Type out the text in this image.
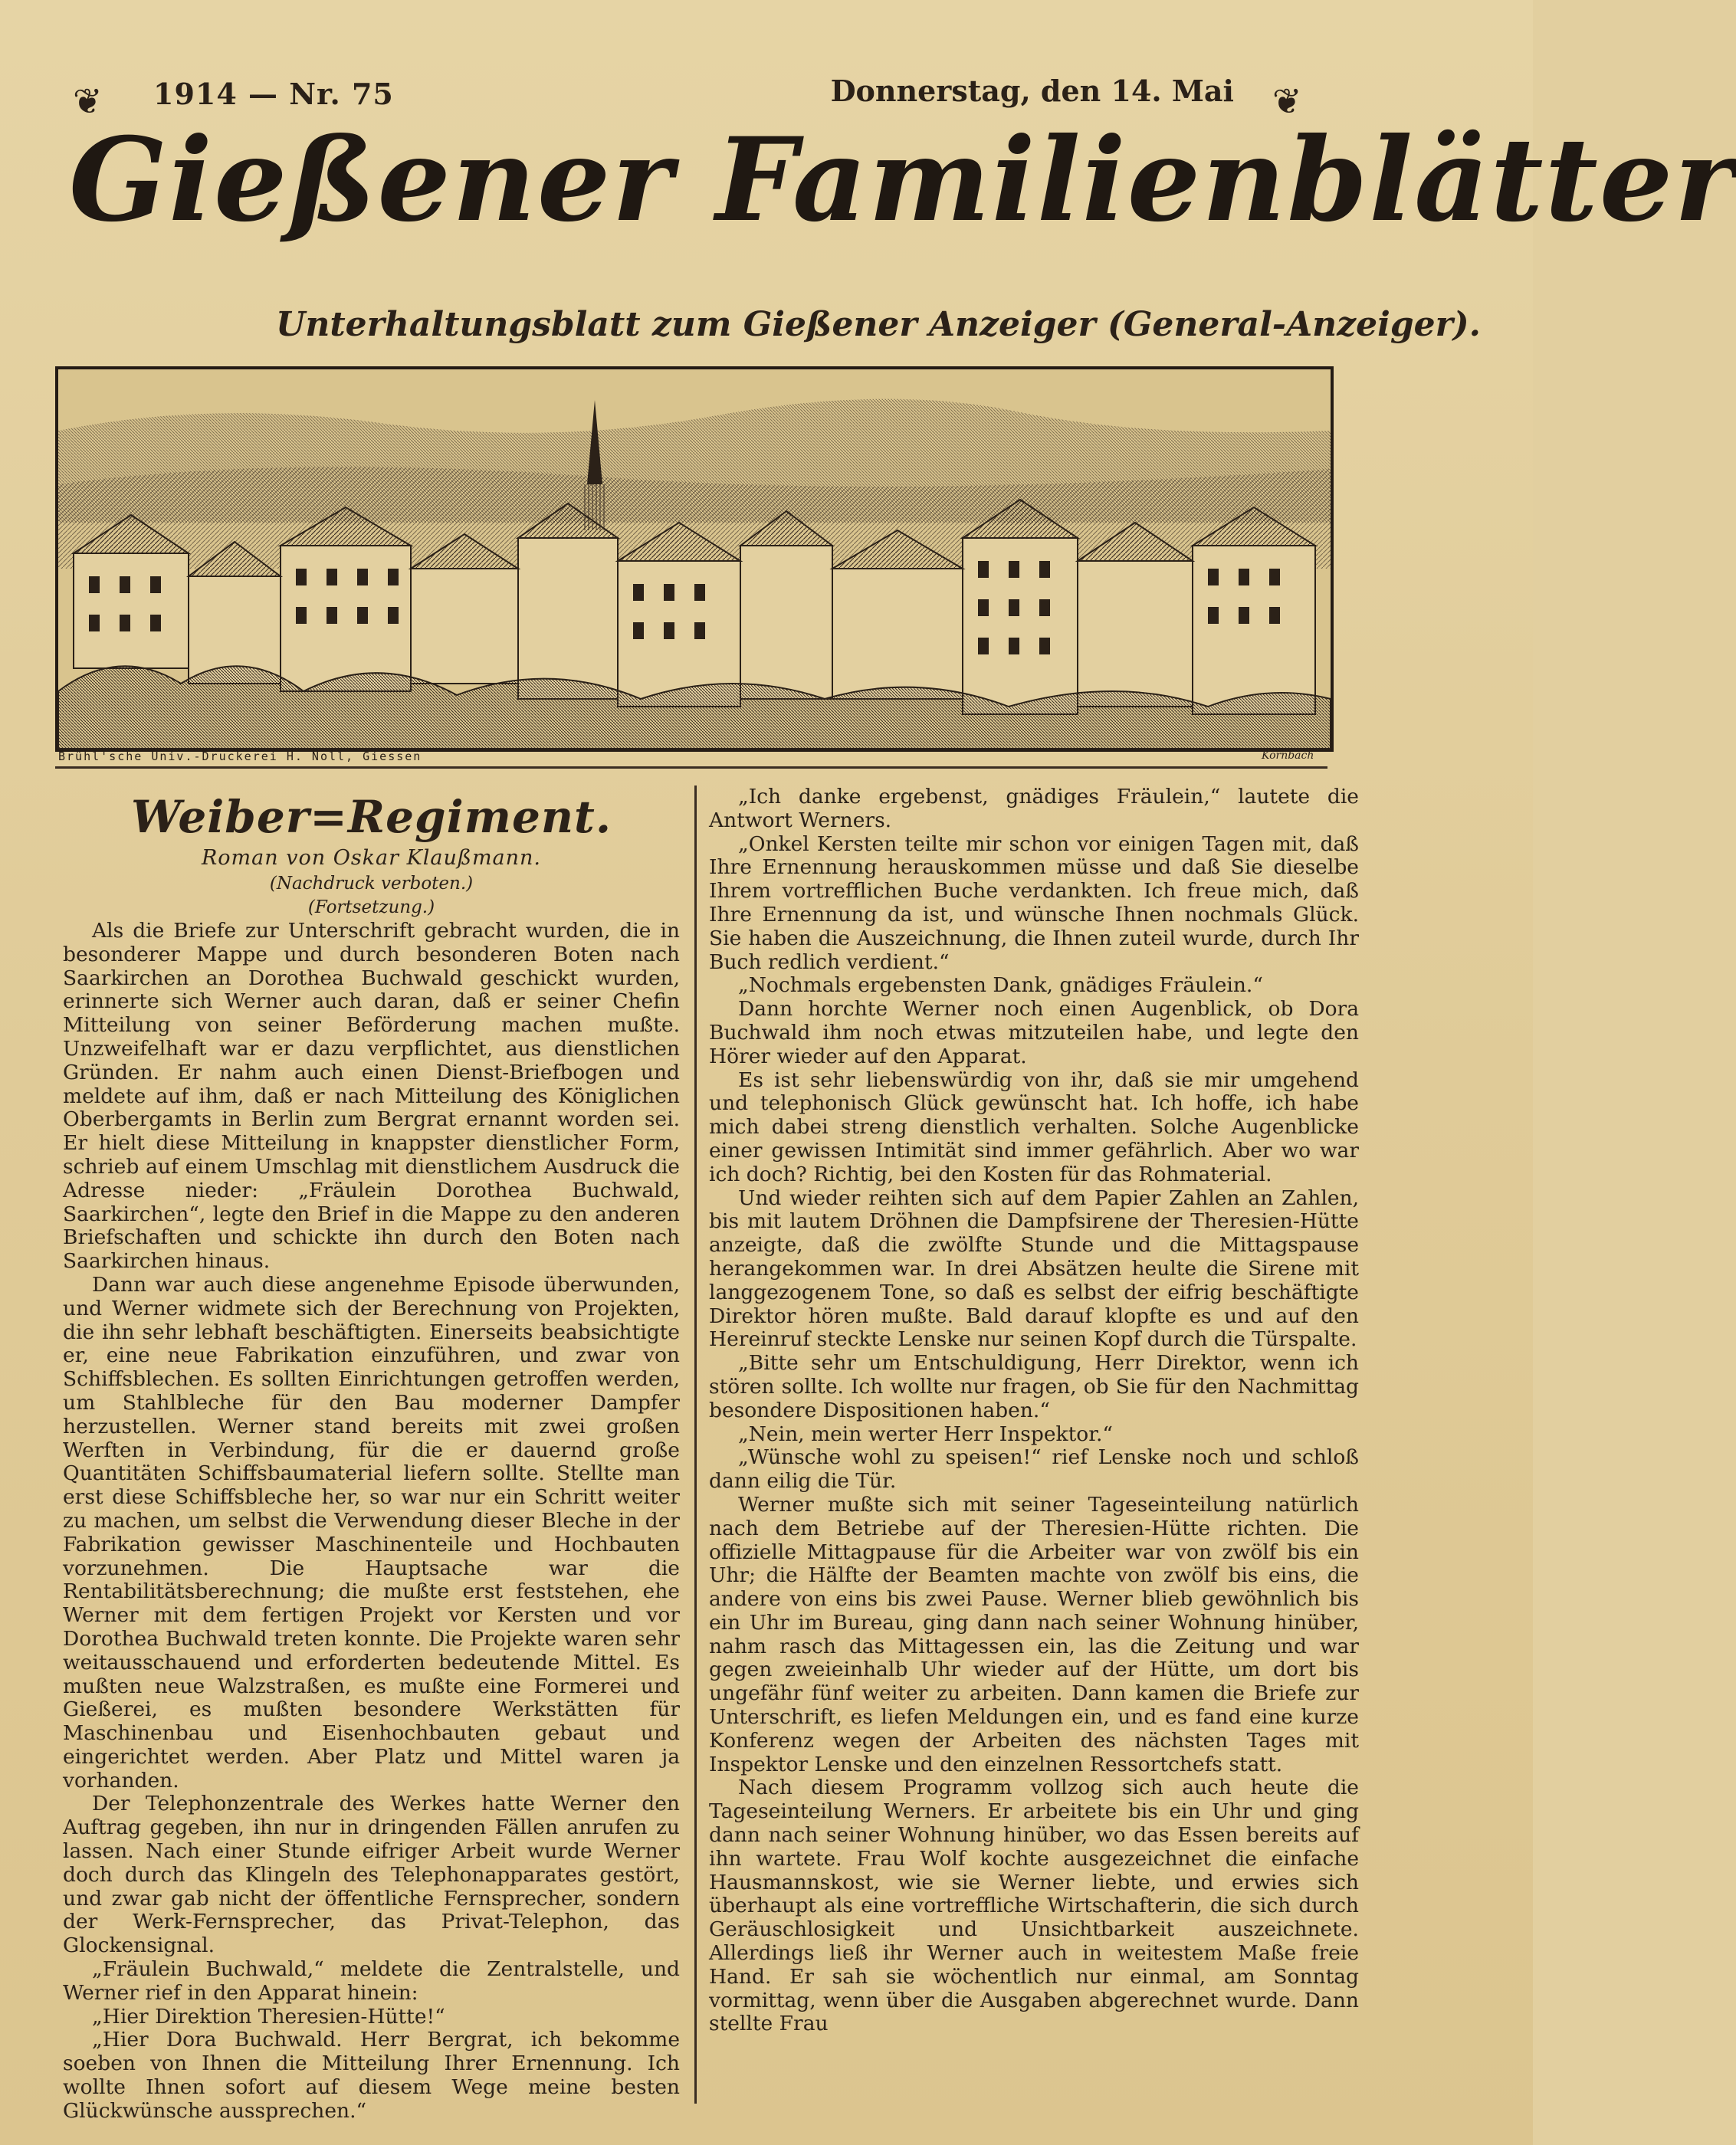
❦	❦
1914 — Nr. 75	Donnerstag, den 14. Mai
Gießener Familienblätter
Unterhaltungsblatt zum Gießener Anzeiger (General-Anzeiger).
Brühl'sche Univ.-Druckerei H. Noll, Giessen	Kornbach
Weiber=Regiment.

Roman von Oskar Klaußmann.

(Nachdruck verboten.)

(Fortsetzung.)

Als die Briefe zur Unterschrift gebracht wurden, die in besonderer Mappe und durch besonderen Boten nach Saarkirchen an Dorothea Buchwald geschickt wurden, erinnerte sich Werner auch daran, daß er seiner Chefin Mitteilung von seiner Beförderung machen mußte. Unzweifelhaft war er dazu verpflichtet, aus dienstlichen Gründen. Er nahm auch einen Dienst-Briefbogen und meldete auf ihm, daß er nach Mitteilung des Königlichen Oberbergamts in Berlin zum Bergrat ernannt worden sei. Er hielt diese Mitteilung in knappster dienstlicher Form, schrieb auf einem Umschlag mit dienstlichem Ausdruck die Adresse nieder: „Fräulein Dorothea Buchwald, Saarkirchen“, legte den Brief in die Mappe zu den anderen Briefschaften und schickte ihn durch den Boten nach Saarkirchen hinaus.

Dann war auch diese angenehme Episode überwunden, und Werner widmete sich der Berechnung von Projekten, die ihn sehr lebhaft beschäftigten. Einerseits beabsichtigte er, eine neue Fabrikation einzuführen, und zwar von Schiffsblechen. Es sollten Einrichtungen getroffen werden, um Stahlbleche für den Bau moderner Dampfer herzustellen. Werner stand bereits mit zwei großen Werften in Verbindung, für die er dauernd große Quantitäten Schiffsbaumaterial liefern sollte. Stellte man erst diese Schiffsbleche her, so war nur ein Schritt weiter zu machen, um selbst die Verwendung dieser Bleche in der Fabrikation gewisser Maschinenteile und Hochbauten vorzunehmen. Die Hauptsache war die Rentabilitätsberechnung; die mußte erst feststehen, ehe Werner mit dem fertigen Projekt vor Kersten und vor Dorothea Buchwald treten konnte. Die Projekte waren sehr weitausschauend und erforderten bedeutende Mittel. Es mußten neue Walzstraßen, es mußte eine Formerei und Gießerei, es mußten besondere Werkstätten für Maschinenbau und Eisenhochbauten gebaut und eingerichtet werden. Aber Platz und Mittel waren ja vorhanden.

Der Telephonzentrale des Werkes hatte Werner den Auftrag gegeben, ihn nur in dringenden Fällen anrufen zu lassen. Nach einer Stunde eifriger Arbeit wurde Werner doch durch das Klingeln des Telephonapparates gestört, und zwar gab nicht der öffentliche Fernsprecher, sondern der Werk-Fernsprecher, das Privat-Telephon, das Glockensignal.

„Fräulein Buchwald,“ meldete die Zentralstelle, und Werner rief in den Apparat hinein:

„Hier Direktion Theresien-Hütte!“

„Hier Dora Buchwald. Herr Bergrat, ich bekomme soeben von Ihnen die Mitteilung Ihrer Ernennung. Ich wollte Ihnen sofort auf diesem Wege meine besten Glückwünsche aussprechen.“

„Ich danke ergebenst, gnädiges Fräulein,“ lautete die Antwort Werners.

„Onkel Kersten teilte mir schon vor einigen Tagen mit, daß Ihre Ernennung herauskommen müsse und daß Sie dieselbe Ihrem vortrefflichen Buche verdankten. Ich freue mich, daß Ihre Ernennung da ist, und wünsche Ihnen nochmals Glück. Sie haben die Auszeichnung, die Ihnen zuteil wurde, durch Ihr Buch redlich verdient.“

„Nochmals ergebensten Dank, gnädiges Fräulein.“

Dann horchte Werner noch einen Augenblick, ob Dora Buchwald ihm noch etwas mitzuteilen habe, und legte den Hörer wieder auf den Apparat.

Es ist sehr liebenswürdig von ihr, daß sie mir umgehend und telephonisch Glück gewünscht hat. Ich hoffe, ich habe mich dabei streng dienstlich verhalten. Solche Augenblicke einer gewissen Intimität sind immer gefährlich. Aber wo war ich doch? Richtig, bei den Kosten für das Rohmaterial.

Und wieder reihten sich auf dem Papier Zahlen an Zahlen, bis mit lautem Dröhnen die Dampfsirene der Theresien-Hütte anzeigte, daß die zwölfte Stunde und die Mittagspause herangekommen war. In drei Absätzen heulte die Sirene mit langgezogenem Tone, so daß es selbst der eifrig beschäftigte Direktor hören mußte. Bald darauf klopfte es und auf den Hereinruf steckte Lenske nur seinen Kopf durch die Türspalte.

„Bitte sehr um Entschuldigung, Herr Direktor, wenn ich stören sollte. Ich wollte nur fragen, ob Sie für den Nachmittag besondere Dispositionen haben.“

„Nein, mein werter Herr Inspektor.“

„Wünsche wohl zu speisen!“ rief Lenske noch und schloß dann eilig die Tür.

Werner mußte sich mit seiner Tageseinteilung natürlich nach dem Betriebe auf der Theresien-Hütte richten. Die offizielle Mittagpause für die Arbeiter war von zwölf bis ein Uhr; die Hälfte der Beamten machte von zwölf bis eins, die andere von eins bis zwei Pause. Werner blieb gewöhnlich bis ein Uhr im Bureau, ging dann nach seiner Wohnung hinüber, nahm rasch das Mittagessen ein, las die Zeitung und war gegen zweieinhalb Uhr wieder auf der Hütte, um dort bis ungefähr fünf weiter zu arbeiten. Dann kamen die Briefe zur Unterschrift, es liefen Meldungen ein, und es fand eine kurze Konferenz wegen der Arbeiten des nächsten Tages mit Inspektor Lenske und den einzelnen Ressortchefs statt.

Nach diesem Programm vollzog sich auch heute die Tageseinteilung Werners. Er arbeitete bis ein Uhr und ging dann nach seiner Wohnung hinüber, wo das Essen bereits auf ihn wartete. Frau Wolf kochte ausgezeichnet die einfache Hausmannskost, wie sie Werner liebte, und erwies sich überhaupt als eine vortreffliche Wirtschafterin, die sich durch Geräuschlosigkeit und Unsichtbarkeit auszeichnete. Allerdings ließ ihr Werner auch in weitestem Maße freie Hand. Er sah sie wöchentlich nur einmal, am Sonntag vormittag, wenn über die Ausgaben abgerechnet wurde. Dann stellte Frau
